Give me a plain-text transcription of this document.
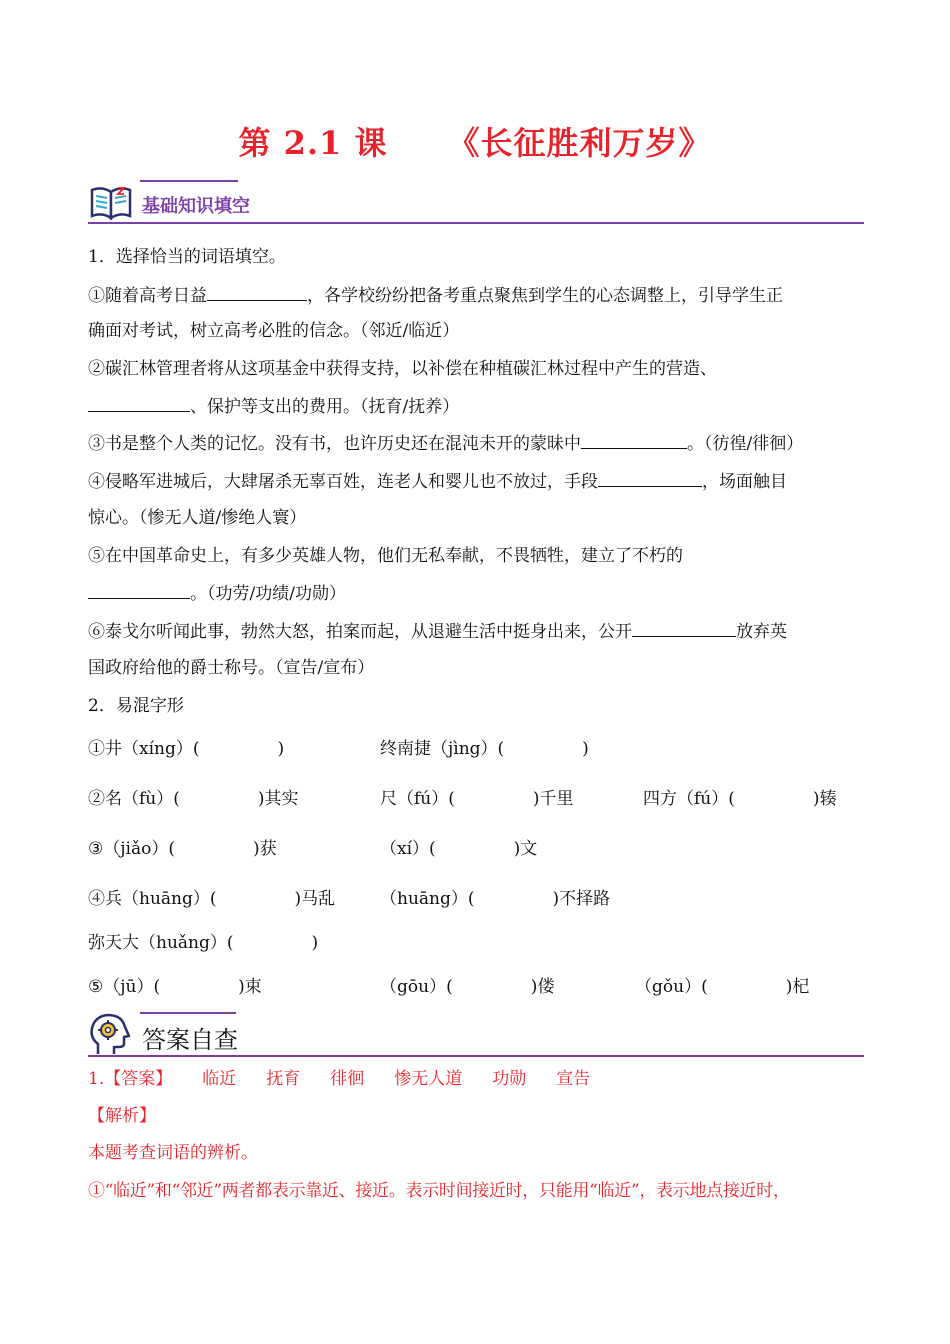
第 2.1 课 《长征胜利万岁》
基础知识填空
1．选择恰当的词语填空。
①随着高考日益	，各学校纷纷把备考重点聚焦到学生的心态调整上，引导学生正
确面对考试，树立高考必胜的信念。（邻近/临近）
②碳汇林管理者将从这项基金中获得支持，以补偿在种植碳汇林过程中产生的营造、
、保护等支出的费用。（抚育/抚养）
③书是整个人类的记忆。没有书，也许历史还在混沌未开的蒙昧中	。（彷徨/徘徊）
④侵略军进城后，大肆屠杀无辜百姓，连老人和婴儿也不放过，手段	，场面触目
惊心。（惨无人道/惨绝人寰）
⑤在中国革命史上，有多少英雄人物，他们无私奉献，不畏牺牲，建立了不朽的
。（功劳/功绩/功勋）
⑥泰戈尔听闻此事，勃然大怒，拍案而起，从退避生活中挺身出来，公开	放弃英
国政府给他的爵士称号。（宣告/宣布）
2．易混字形
①井（xíng）(	)	终南捷（jìng）(	)
②名（fù）(	)其实	尺（fú）(	)千里	四方（fú）(	)辏
③（jiǎo）(	)获	（xí）(	)文
④兵（huāng）(	)马乱	（huāng）(	)不择路
弥天大（huǎng）(	)
⑤（jū）(	)束	（gōu）(	)偻	（gǒu）(	)杞
答案自查
1.【答案】 临近 抚育 徘徊 惨无人道 功勋 宣告
【解析】
本题考查词语的辨析。
①“临近”和“邻近”两者都表示靠近、接近。表示时间接近时，只能用“临近”，表示地点接近时，
